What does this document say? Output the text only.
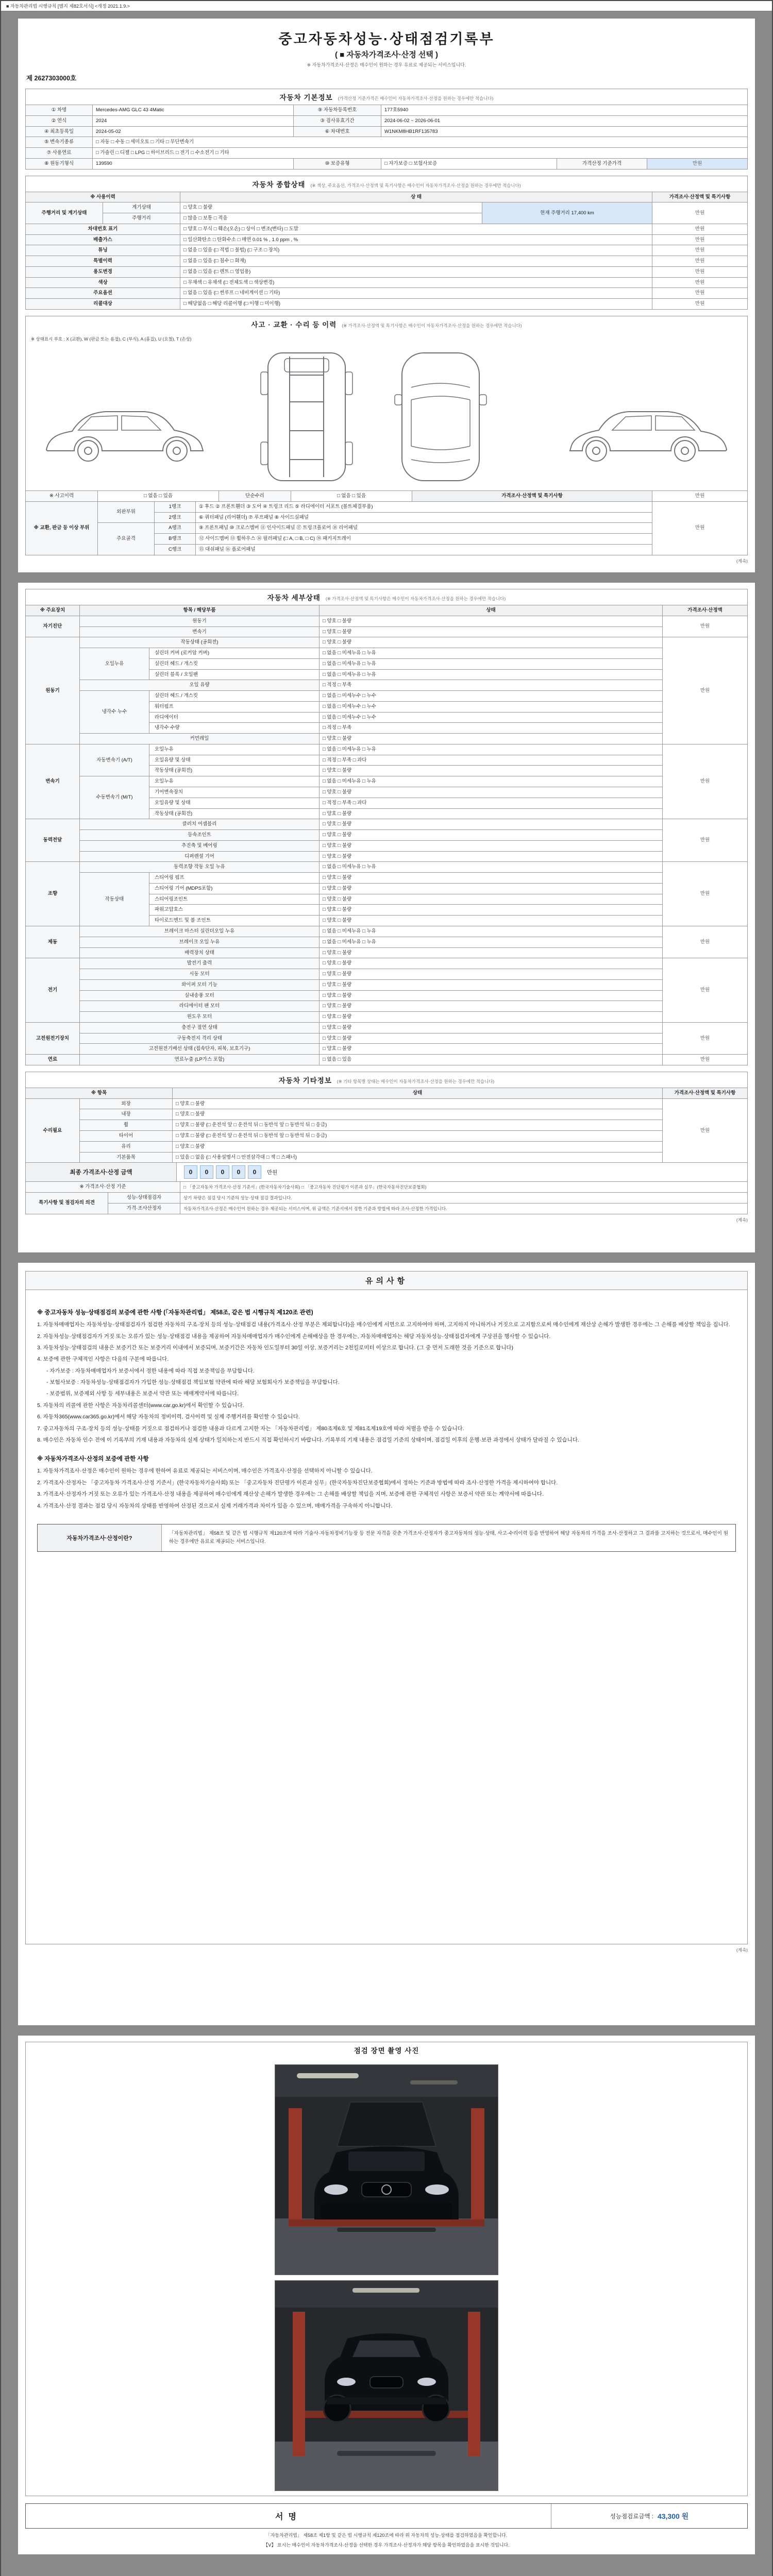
■ 자동차관리법 시행규칙 [별지 제82호서식] <개정 2021.1.9.>
중고자동차성능·상태점검기록부
( ■ 자동차가격조사·산정 선택 )
※ 자동차가격조사·산정은 매수인이 원하는 경우 유료로 제공되는 서비스입니다.
제 2627303000호
자동차 기본정보 (가격산정 기준가격은 매수인이 자동차가격조사·산정을 원하는 경우에만 적습니다)
① 차명	Mercedes-AMG GLC 43 4Matic	⑨ 자동차등록번호	177호5940		
② 연식	2024	③ 검사유효기간	2024-06-02 ~ 2026-06-01		
④ 최초등록일	2024-05-02	⑥ 차대번호	W1NKM8HB1RF135783		
⑤ 변속기종류	□ 자동 □ 수동 □ 세미오토 □ 기타 □ 무단변속기				
⑦ 사용연료	□ 가솔린 □ 디젤 □ LPG □ 하이브리드 □ 전기 □ 수소전기 □ 기타				
⑧ 원동기형식	139590	⑩ 보증유형	□ 자가보증 □ 보험사보증	가격산정 기준가격	만원
자동차 종합상태 (※ 색상, 주요옵션, 가격조사·산정액 및 특기사항은 매수인이 자동차가격조사·산정을 원하는 경우에만 적습니다)
※ 사용이력		상 태		가격조사·산정액 및 특기사항
주행거리 및 계기상태	계기상태	□ 양호 □ 불량	현재 주행거리 17,400 km	만원
	주행거리	□ 많음 □ 보통 □ 적음		
차대번호 표기		□ 양호 □ 부식 □ 훼손(오손) □ 상이 □ 변조(변타) □ 도말		만원
배출가스		□ 일산화탄소 □ 탄화수소 □ 매연 0.01 % , 1.0 ppm , %		만원
튜닝		□ 없음 □ 있음 (□ 적법 □ 불법) (□ 구조 □ 장치)		만원
특별이력		□ 없음 □ 있음 (□ 침수 □ 화재)		만원
용도변경		□ 없음 □ 있음 (□ 렌트 □ 영업용)		만원
색상		□ 무채색 □ 유채색 (□ 전체도색 □ 색상변경)		만원
주요옵션		□ 없음 □ 있음 (□ 썬루프 □ 네비게이션 □ 기타)		만원
리콜대상		□ 해당없음 □ 해당 리콜이행 (□ 이행 □ 미이행)		만원
사고 · 교환 · 수리 등 이력 (※ 가격조사·산정액 및 특기사항은 매수인이 자동차가격조사·산정을 원하는 경우에만 적습니다)
※ 상태표시 부호 : X (교환), W (판금 또는 용접), C (부식), A (흠집), U (요철), T (손상)
※ 사고이력	□ 없음 □ 있음	단순수리	□ 없음 □ 있음	가격조사·산정액 및 특기사항	만원
※ 교환, 판금 등 이상 부위	외판부위	1랭크	① 후드 ② 프론트휀더 ③ 도어 ④ 트렁크 리드 ⑤ 라디에이터 서포트 (볼트체결부품)	만원
		2랭크	⑥ 쿼터패널 (리어휀더) ⑦ 루프패널 ⑧ 사이드실패널	
	주요골격	A랭크	⑨ 프론트패널 ⑩ 크로스멤버 ⑪ 인사이드패널 ⑰ 트렁크플로어 ⑱ 리어패널	
		B랭크	⑫ 사이드멤버 ⑬ 휠하우스 ⑭ 필러패널 (□ A, □ B, □ C) ⑲ 패키지트레이	
		C랭크	⑮ 대쉬패널 ⑯ 플로어패널	
(계속)
자동차 세부상태 (※ 가격조사·산정액 및 특기사항은 매수인이 자동차가격조사·산정을 원하는 경우에만 적습니다)
※ 주요장치	항목 / 해당부품		상태	가격조사·산정액
자기진단	원동기		□ 양호 □ 불량	만원
	변속기		□ 양호 □ 불량	
원동기	작동상태 (공회전)		□ 양호 □ 불량	만원
	오일누유	실린더 커버 (로커암 커버)	□ 없음 □ 미세누유 □ 누유	
		실린더 헤드 / 개스킷	□ 없음 □ 미세누유 □ 누유	
		실린더 블록 / 오일팬	□ 없음 □ 미세누유 □ 누유	
	오일 유량		□ 적정 □ 부족	
	냉각수 누수	실린더 헤드 / 개스킷	□ 없음 □ 미세누수 □ 누수	
		워터펌프	□ 없음 □ 미세누수 □ 누수	
		라디에이터	□ 없음 □ 미세누수 □ 누수	
		냉각수 수량	□ 적정 □ 부족	
	커먼레일		□ 양호 □ 불량	
변속기	자동변속기 (A/T)	오일누유	□ 없음 □ 미세누유 □ 누유	만원
		오일유량 및 상태	□ 적정 □ 부족 □ 과다	
		작동상태 (공회전)	□ 양호 □ 불량	
	수동변속기 (M/T)	오일누유	□ 없음 □ 미세누유 □ 누유	
		기어변속장치	□ 양호 □ 불량	
		오일유량 및 상태	□ 적정 □ 부족 □ 과다	
		작동상태 (공회전)	□ 양호 □ 불량	
동력전달	클러치 어셈블리		□ 양호 □ 불량	만원
	등속조인트		□ 양호 □ 불량	
	추진축 및 베어링		□ 양호 □ 불량	
	디퍼렌셜 기어		□ 양호 □ 불량	
조향	동력조향 작동 오일 누유		□ 없음 □ 미세누유 □ 누유	만원
	작동상태	스티어링 펌프	□ 양호 □ 불량	
		스티어링 기어 (MDPS포함)	□ 양호 □ 불량	
		스티어링조인트	□ 양호 □ 불량	
		파워고압호스	□ 양호 □ 불량	
		타이로드엔드 및 볼 조인트	□ 양호 □ 불량	
제동	브레이크 마스터 실린더오일 누유		□ 없음 □ 미세누유 □ 누유	만원
	브레이크 오일 누유		□ 없음 □ 미세누유 □ 누유	
	배력장치 상태		□ 양호 □ 불량	
전기	발전기 출력		□ 양호 □ 불량	만원
	시동 모터		□ 양호 □ 불량	
	와이퍼 모터 기능		□ 양호 □ 불량	
	실내송풍 모터		□ 양호 □ 불량	
	라디에이터 팬 모터		□ 양호 □ 불량	
	윈도우 모터		□ 양호 □ 불량	
고전원전기장치	충전구 절연 상태		□ 양호 □ 불량	만원
	구동축전지 격리 상태		□ 양호 □ 불량	
	고전원전기배선 상태 (접속단자, 피복, 보호기구)		□ 양호 □ 불량	
연료	연료누출 (LP가스 포함)		□ 없음 □ 있음	만원
자동차 기타정보 (※ 기타 항목별 상태는 매수인이 자동차가격조사·산정을 원하는 경우에만 적습니다)
※ 항목		상태	가격조사·산정액 및 특기사항
수리필요	외장	□ 양호 □ 불량	만원
	내장	□ 양호 □ 불량	
	휠	□ 양호 □ 불량 (□ 운전석 앞 □ 운전석 뒤 □ 동반석 앞 □ 동반석 뒤 □ 응급)	
	타이어	□ 양호 □ 불량 (□ 운전석 앞 □ 운전석 뒤 □ 동반석 앞 □ 동반석 뒤 □ 응급)	
	유리	□ 양호 □ 불량	
	기본품목	□ 있음 □ 없음 (□ 사용설명서 □ 안전삼각대 □ 잭 □ 스패너)	
최종 가격조사·산정 금액	0	0	0	0	0	만원
※ 가격조사·산정 기준		□ 「중고자동차 가격조사·산정 기준서」(한국자동차기술사회) □ 「중고자동차 진단평가 이론과 실무」(한국자동차진단보증협회)
특기사항 및 점검자의 의견	성능·상태점검자	상기 차량은 점검 당시 기준의 성능·상태 점검 결과입니다.
	가격·조사산정자	자동차가격조사·산정은 매수인이 원하는 경우 제공되는 서비스이며, 위 금액은 기준서에서 정한 기준과 방법에 따라 조사·산정한 가격입니다.
(계속)
유의사항
※ 중고자동차 성능·상태점검의 보증에 관한 사항 (「자동차관리법」 제58조, 같은 법 시행규칙 제120조 관련)
1. 자동차매매업자는 자동차성능·상태점검자가 점검한 자동차의 구조·장치 등의 성능·상태점검 내용(가격조사·산정 부분은 제외합니다)을 매수인에게 서면으로 고지하여야 하며, 고지하지 아니하거나 거짓으로 고지함으로써 매수인에게 재산상 손해가 발생한 경우에는 그 손해를 배상할 책임을 집니다.
2. 자동차성능·상태점검자가 거짓 또는 오류가 있는 성능·상태점검 내용을 제공하여 자동차매매업자가 매수인에게 손해배상을 한 경우에는, 자동차매매업자는 해당 자동차성능·상태점검자에게 구상권을 행사할 수 있습니다.
3. 자동차성능·상태점검의 내용은 보증기간 또는 보증거리 이내에서 보증되며, 보증기간은 자동차 인도일부터 30일 이상, 보증거리는 2천킬로미터 이상으로 합니다. (그 중 먼저 도래한 것을 기준으로 합니다)
4. 보증에 관한 구체적인 사항은 다음의 구분에 따릅니다.
- 자가보증 : 자동차매매업자가 보증서에서 정한 내용에 따라 직접 보증책임을 부담합니다.
- 보험사보증 : 자동차성능·상태점검자가 가입한 성능·상태점검 책임보험 약관에 따라 해당 보험회사가 보증책임을 부담합니다.
- 보증범위, 보증제외 사항 등 세부내용은 보증서 약관 또는 매매계약서에 따릅니다.
5. 자동차의 리콜에 관한 사항은 자동차리콜센터(www.car.go.kr)에서 확인할 수 있습니다.
6. 자동차365(www.car365.go.kr)에서 해당 자동차의 정비이력, 검사이력 및 실제 주행거리를 확인할 수 있습니다.
7. 중고자동차의 구조·장치 등의 성능·상태를 거짓으로 점검하거나 점검한 내용과 다르게 고지한 자는 「자동차관리법」 제80조제6호 및 제81조제19호에 따라 처벌을 받을 수 있습니다.
8. 매수인은 자동차 인수 전에 이 기록부의 기재 내용과 자동차의 실제 상태가 일치하는지 반드시 직접 확인하시기 바랍니다. 기록부의 기재 내용은 점검일 기준의 상태이며, 점검일 이후의 운행·보관 과정에서 상태가 달라질 수 있습니다.
※ 자동차가격조사·산정의 보증에 관한 사항
1. 자동차가격조사·산정은 매수인이 원하는 경우에 한하여 유료로 제공되는 서비스이며, 매수인은 가격조사·산정을 선택하지 아니할 수 있습니다.
2. 가격조사·산정자는 「중고자동차 가격조사·산정 기준서」(한국자동차기술사회) 또는 「중고자동차 진단평가 이론과 실무」(한국자동차진단보증협회)에서 정하는 기준과 방법에 따라 조사·산정한 가격을 제시하여야 합니다.
3. 가격조사·산정자가 거짓 또는 오류가 있는 가격조사·산정 내용을 제공하여 매수인에게 재산상 손해가 발생한 경우에는 그 손해를 배상할 책임을 지며, 보증에 관한 구체적인 사항은 보증서 약관 또는 계약서에 따릅니다.
4. 가격조사·산정 결과는 점검 당시 자동차의 상태를 반영하여 산정된 것으로서 실제 거래가격과 차이가 있을 수 있으며, 매매가격을 구속하지 아니합니다.
자동차가격조사·산정이란?
「자동차관리법」 제58조 및 같은 법 시행규칙 제120조에 따라 기술사·자동차정비기능장 등 전문 자격을 갖춘 가격조사·산정자가 중고자동차의 성능·상태, 사고·수리이력 등을 반영하여 해당 자동차의 가격을 조사·산정하고 그 결과를 고지하는 것으로서, 매수인이 원하는 경우에만 유료로 제공되는 서비스입니다.
(계속)
점검 장면 촬영 사진
서명	성능점검료금액 : 43,300 원
「자동차관리법」 제58조 제1항 및 같은 법 시행규칙 제120조에 따라 위 자동차의 성능·상태를 점검하였음을 확인합니다.
【Ⅴ】 표시는 매수인이 자동차가격조사·산정을 선택한 경우 가격조사·산정자가 해당 항목을 확인하였음을 표시한 것입니다.
